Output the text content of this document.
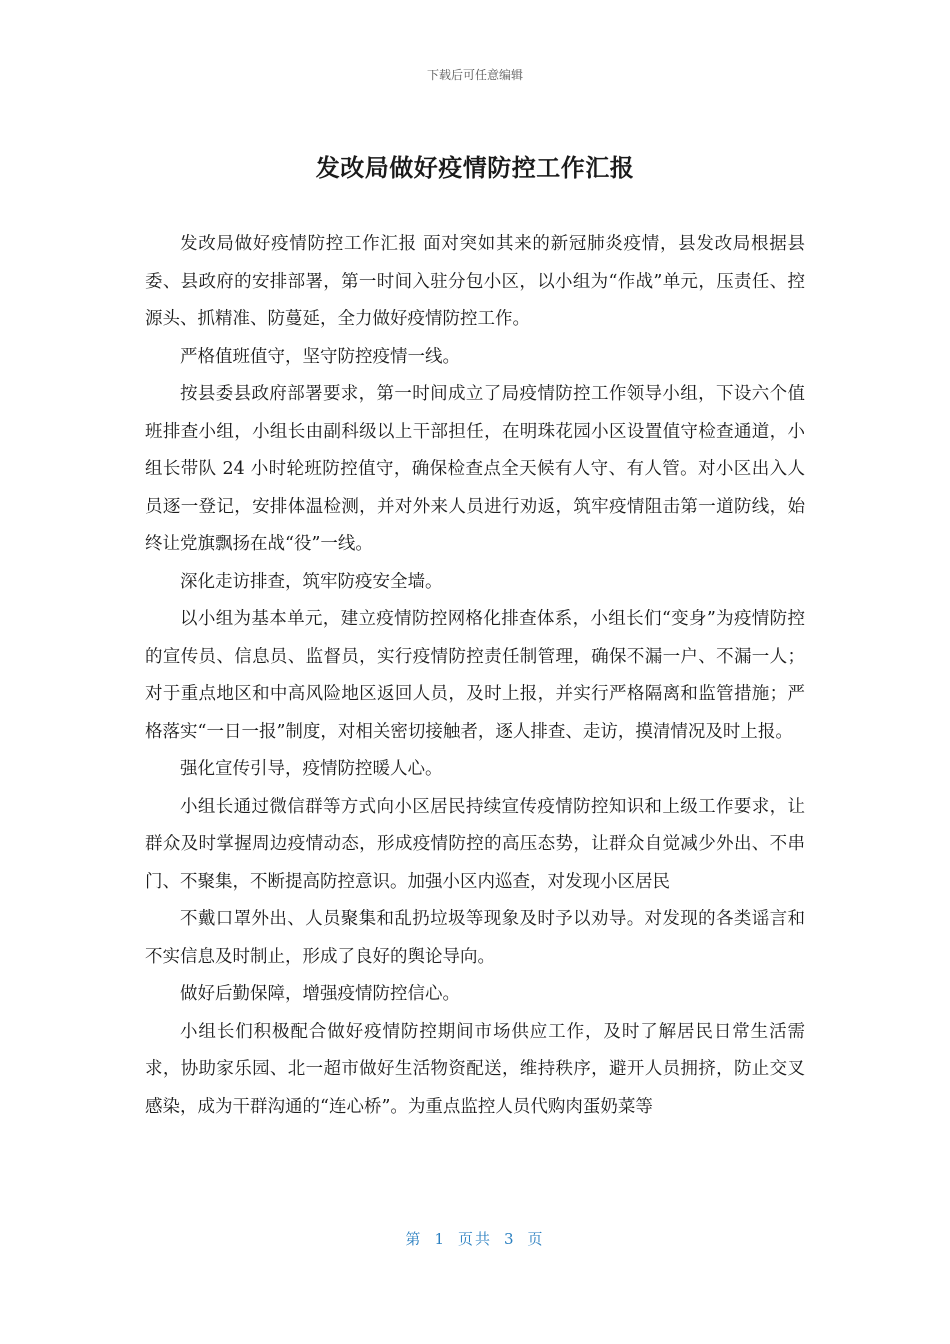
下载后可任意编辑
发改局做好疫情防控工作汇报

发改局做好疫情防控工作汇报 面对突如其来的新冠肺炎疫情，县发改局根据县委、县政府的安排部署，第一时间入驻分包小区，以小组为“作战”单元，压责任、控源头、抓精准、防蔓延，全力做好疫情防控工作。

严格值班值守，坚守防控疫情一线。

按县委县政府部署要求，第一时间成立了局疫情防控工作领导小组，下设六个值班排查小组，小组长由副科级以上干部担任，在明珠花园小区设置值守检查通道，小组长带队 24 小时轮班防控值守，确保检查点全天候有人守、有人管。对小区出入人员逐一登记，安排体温检测，并对外来人员进行劝返，筑牢疫情阻击第一道防线，始终让党旗飘扬在战“役”一线。

深化走访排查，筑牢防疫安全墙。

以小组为基本单元，建立疫情防控网格化排查体系，小组长们“变身”为疫情防控的宣传员、信息员、监督员，实行疫情防控责任制管理，确保不漏一户、不漏一人；对于重点地区和中高风险地区返回人员，及时上报，并实行严格隔离和监管措施；严格落实“一日一报”制度，对相关密切接触者，逐人排查、走访，摸清情况及时上报。

强化宣传引导，疫情防控暖人心。

小组长通过微信群等方式向小区居民持续宣传疫情防控知识和上级工作要求，让群众及时掌握周边疫情动态，形成疫情防控的高压态势，让群众自觉减少外出、不串门、不聚集，不断提高防控意识。加强小区内巡查，对发现小区居民

不戴口罩外出、人员聚集和乱扔垃圾等现象及时予以劝导。对发现的各类谣言和不实信息及时制止，形成了良好的舆论导向。

做好后勤保障，增强疫情防控信心。

小组长们积极配合做好疫情防控期间市场供应工作，及时了解居民日常生活需求，协助家乐园、北一超市做好生活物资配送，维持秩序，避开人员拥挤，防止交叉感染，成为干群沟通的“连心桥”。为重点监控人员代购肉蛋奶菜等

第 1 页共 3 页
